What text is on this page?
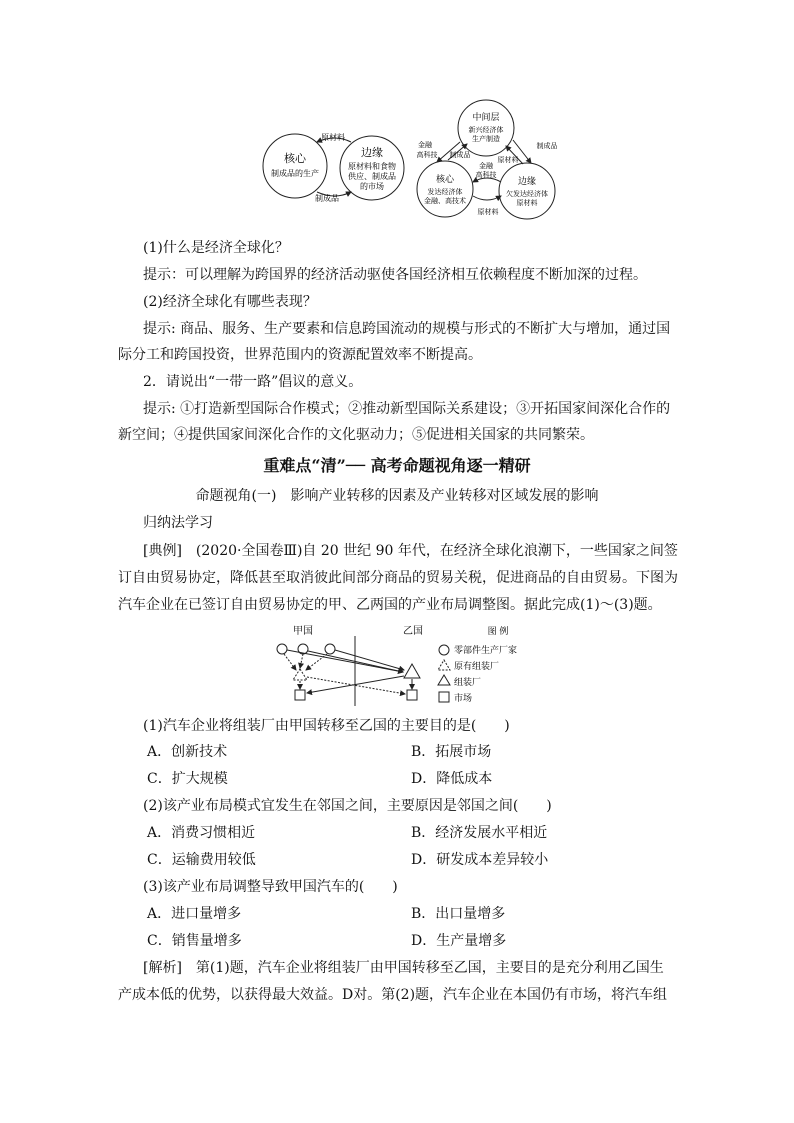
核心
制成品的生产
边缘
原材料和食物
供应、制成品
的市场
原材料
制成品
中间层
新兴经济体
生产制造
核心
发达经济体
金融、高技术
边缘
欠发达经济体
原材料
金融
高科技 制成品
原材料
制成品
金融
高科技
原材料
(1)什么是经济全球化？
提示：可以理解为跨国界的经济活动驱使各国经济相互依赖程度不断加深的过程。
(2)经济全球化有哪些表现？
提示: 商品、服务、生产要素和信息跨国流动的规模与形式的不断扩大与增加，通过国
际分工和跨国投资，世界范围内的资源配置效率不断提高。
2．请说出“一带一路”倡议的意义。
提示: ①打造新型国际合作模式；②推动新型国际关系建设；③开拓国家间深化合作的
新空间；④提供国家间深化合作的文化驱动力；⑤促进相关国家的共同繁荣。
重难点“清”── 高考命题视角逐一精研
命题视角(一)　影响产业转移的因素及产业转移对区域发展的影响
归纳法学习
[典例]　(2020·全国卷Ⅲ)自 20 世纪 90 年代，在经济全球化浪潮下，一些国家之间签
订自由贸易协定，降低甚至取消彼此间部分商品的贸易关税，促进商品的自由贸易。下图为
汽车企业在已签订自由贸易协定的甲、乙两国的产业布局调整图。据此完成(1)～(3)题。
甲国	乙国	图 例
零部件生产厂家
原有组装厂
组装厂
市场
(1)汽车企业将组装厂由甲国转移至乙国的主要目的是(　　)
A．创新技术	B．拓展市场
C．扩大规模	D．降低成本
(2)该产业布局模式宜发生在邻国之间，主要原因是邻国之间(　　)
A．消费习惯相近	B．经济发展水平相近
C．运输费用较低	D．研发成本差异较小
(3)该产业布局调整导致甲国汽车的(　　)
A．进口量增多	B．出口量增多
C．销售量增多	D．生产量增多
[解析]　第(1)题，汽车企业将组装厂由甲国转移至乙国，主要目的是充分利用乙国生
产成本低的优势，以获得最大效益。D对。第(2)题，汽车企业在本国仍有市场，将汽车组
